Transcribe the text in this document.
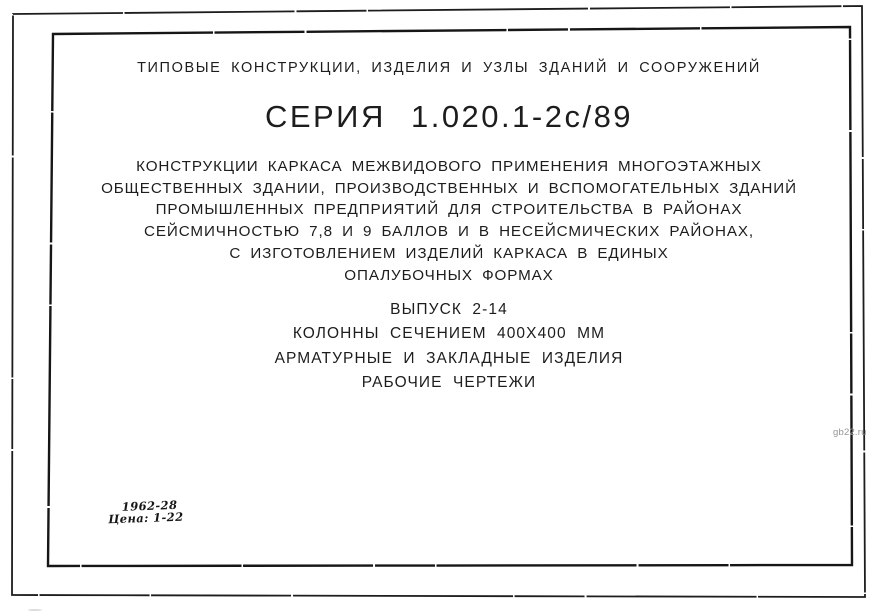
ТИПОВЫЕ КОНСТРУКЦИИ, ИЗДЕЛИЯ И УЗЛЫ ЗДАНИЙ И СООРУЖЕНИЙ
СЕРИЯ 1.020.1-2с/89
КОНСТРУКЦИИ КАРКАСА МЕЖВИДОВОГО ПРИМЕНЕНИЯ МНОГОЭТАЖНЫХ
ОБЩЕСТВЕННЫХ ЗДАНИИ, ПРОИЗВОДСТВЕННЫХ И ВСПОМОГАТЕЛЬНЫХ ЗДАНИЙ
ПРОМЫШЛЕННЫХ ПРЕДПРИЯТИЙ ДЛЯ СТРОИТЕЛЬСТВА В РАЙОНАХ
СЕЙСМИЧНОСТЬЮ 7,8 И 9 БАЛЛОВ И В НЕСЕЙСМИЧЕСКИХ РАЙОНАХ,
С ИЗГОТОВЛЕНИЕМ ИЗДЕЛИЙ КАРКАСА В ЕДИНЫХ
ОПАЛУБОЧНЫХ ФОРМАХ
ВЫПУСК 2-14
КОЛОННЫ СЕЧЕНИЕМ 400X400 ММ
АРМАТУРНЫЕ И ЗАКЛАДНЫЕ ИЗДЕЛИЯ
РАБОЧИЕ ЧЕРТЕЖИ
1962-28
Цена: 1-22
gb22.ru
